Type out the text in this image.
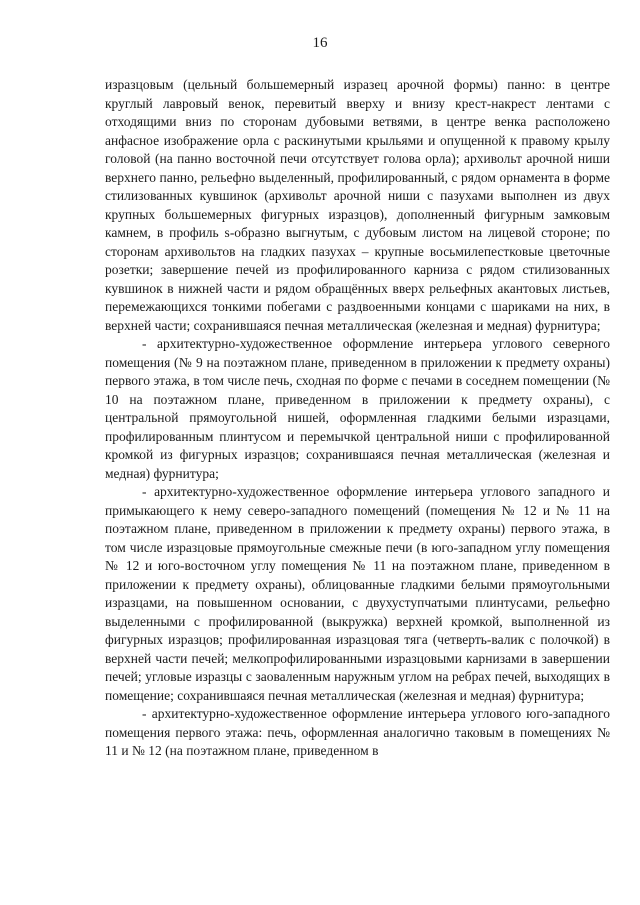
16

изразцовым (цельный большемерный изразец арочной формы) панно: в центре круглый лавровый венок, перевитый вверху и внизу крест-накрест лентами с отходящими вниз по сторонам дубовыми ветвями, в центре венка расположено анфасное изображение орла с раскинутыми крыльями и опущенной к правому крылу головой (на панно восточной печи отсутствует голова орла); архивольт арочной ниши верхнего панно, рельефно выделенный, профилированный, с рядом орнамента в форме стилизованных кувшинок (архивольт арочной ниши с пазухами выполнен из двух крупных большемерных фигурных изразцов), дополненный фигурным замковым камнем, в профиль s-образно выгнутым, с дубовым листом на лицевой стороне; по сторонам архивольтов на гладких пазухах – крупные восьмилепестковые цветочные розетки; завершение печей из профилированного карниза с рядом стилизованных кувшинок в нижней части и рядом обращённых вверх рельефных акантовых листьев, перемежающихся тонкими побегами с раздвоенными концами с шариками на них, в верхней части; сохранившаяся печная металлическая (железная и медная) фурнитура;

- архитектурно-художественное оформление интерьера углового северного помещения (№ 9 на поэтажном плане, приведенном в приложении к предмету охраны) первого этажа, в том числе печь, сходная по форме с печами в соседнем помещении (№ 10 на поэтажном плане, приведенном в приложении к предмету охраны), с центральной прямоугольной нишей, оформленная гладкими белыми изразцами, профилированным плинтусом и перемычкой центральной ниши с профилированной кромкой из фигурных изразцов; сохранившаяся печная металлическая (железная и медная) фурнитура;

- архитектурно-художественное оформление интерьера углового западного и примыкающего к нему северо-западного помещений (помещения № 12 и № 11 на поэтажном плане, приведенном в приложении к предмету охраны) первого этажа, в том числе изразцовые прямоугольные смежные печи (в юго-западном углу помещения № 12 и юго-восточном углу помещения № 11 на поэтажном плане, приведенном в приложении к предмету охраны), облицованные гладкими белыми прямоугольными изразцами, на повышенном основании, с двухуступчатыми плинтусами, рельефно выделенными с профилированной (выкружка) верхней кромкой, выполненной из фигурных изразцов; профилированная изразцовая тяга (четверть-валик с полочкой) в верхней части печей; мелкопрофилированными изразцовыми карнизами в завершении печей; угловые изразцы с заоваленным наружным углом на ребрах печей, выходящих в помещение; сохранившаяся печная металлическая (железная и медная) фурнитура;

- архитектурно-художественное оформление интерьера углового юго-западного помещения первого этажа: печь, оформленная аналогично таковым в помещениях № 11 и № 12 (на поэтажном плане, приведенном в
